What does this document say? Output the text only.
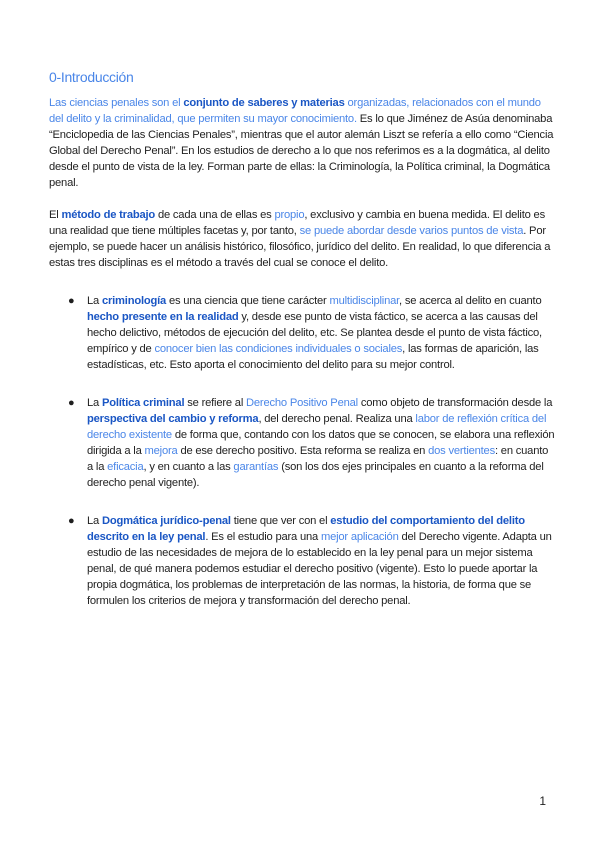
0-Introducción

Las ciencias penales son el conjunto de saberes y materias organizadas, relacionados con el mundo del delito y la criminalidad, que permiten su mayor conocimiento. Es lo que Jiménez de Asúa denominaba “Enciclopedia de las Ciencias Penales”, mientras que el autor alemán Liszt se refería a ello como “Ciencia Global del Derecho Penal”. En los estudios de derecho a lo que nos referimos es a la dogmática, al delito desde el punto de vista de la ley. Forman parte de ellas: la Criminología, la Política criminal, la Dogmática penal.

El método de trabajo de cada una de ellas es propio, exclusivo y cambia en buena medida. El delito es una realidad que tiene múltiples facetas y, por tanto, se puede abordar desde varios puntos de vista. Por ejemplo, se puede hacer un análisis histórico, filosófico, jurídico del delito. En realidad, lo que diferencia a estas tres disciplinas es el método a través del cual se conoce el delito.

● La criminología es una ciencia que tiene carácter multidisciplinar, se acerca al delito en cuanto hecho presente en la realidad y, desde ese punto de vista fáctico, se acerca a las causas del hecho delictivo, métodos de ejecución del delito, etc. Se plantea desde el punto de vista fáctico, empírico y de conocer bien las condiciones individuales o sociales, las formas de aparición, las estadísticas, etc. Esto aporta el conocimiento del delito para su mejor control.
● La Política criminal se refiere al Derecho Positivo Penal como objeto de transformación desde la perspectiva del cambio y reforma, del derecho penal. Realiza una labor de reflexión crítica del derecho existente de forma que, contando con los datos que se conocen, se elabora una reflexión dirigida a la mejora de ese derecho positivo. Esta reforma se realiza en dos vertientes: en cuanto a la eficacia, y en cuanto a las garantías (son los dos ejes principales en cuanto a la reforma del derecho penal vigente).
● La Dogmática jurídico-penal tiene que ver con el estudio del comportamiento del delito descrito en la ley penal. Es el estudio para una mejor aplicación del Derecho vigente. Adapta un estudio de las necesidades de mejora de lo establecido en la ley penal para un mejor sistema penal, de qué manera podemos estudiar el derecho positivo (vigente). Esto lo puede aportar la propia dogmática, los problemas de interpretación de las normas, la historia, de forma que se formulen los criterios de mejora y transformación del derecho penal.
1
